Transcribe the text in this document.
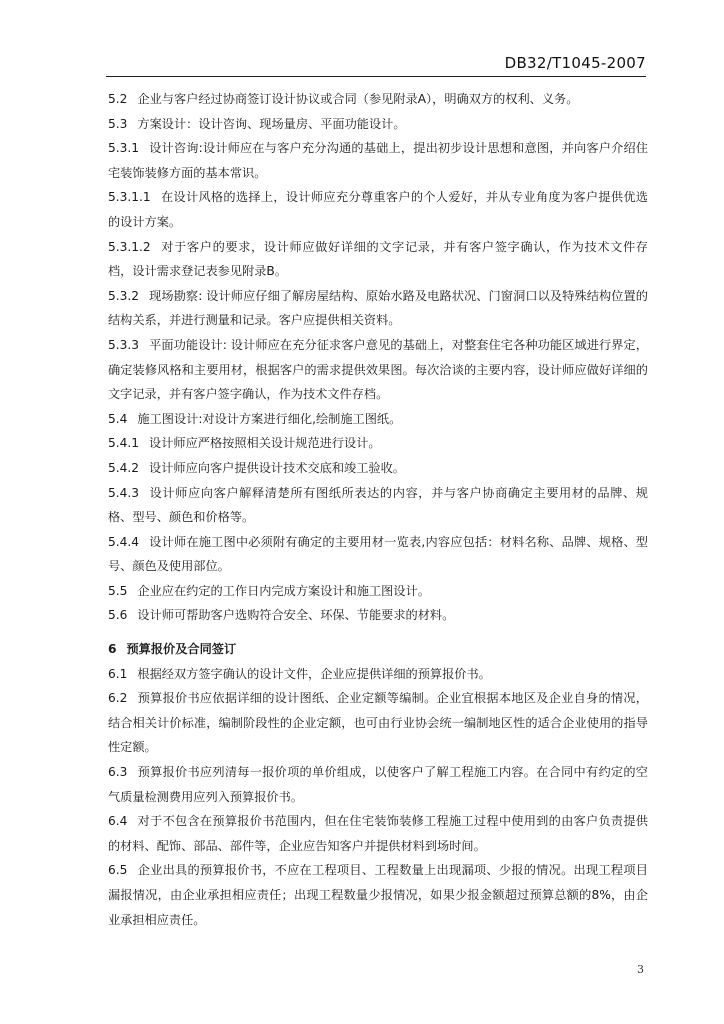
DB32/T1045-2007

5.2 企业与客户经过协商签订设计协议或合同（参见附录A），明确双方的权利、义务。

5.3 方案设计：设计咨询、现场量房、平面功能设计。

5.3.1 设计咨询:设计师应在与客户充分沟通的基础上，提出初步设计思想和意图，并向客户介绍住宅装饰装修方面的基本常识。

5.3.1.1 在设计风格的选择上，设计师应充分尊重客户的个人爱好，并从专业角度为客户提供优选的设计方案。

5.3.1.2 对于客户的要求，设计师应做好详细的文字记录，并有客户签字确认，作为技术文件存档，设计需求登记表参见附录B。

5.3.2 现场勘察: 设计师应仔细了解房屋结构、原始水路及电路状况、门窗洞口以及特殊结构位置的结构关系，并进行测量和记录。客户应提供相关资料。

5.3.3 平面功能设计: 设计师应在充分征求客户意见的基础上，对整套住宅各种功能区域进行界定，确定装修风格和主要用材，根据客户的需求提供效果图。每次洽谈的主要内容，设计师应做好详细的文字记录，并有客户签字确认，作为技术文件存档。

5.4 施工图设计:对设计方案进行细化,绘制施工图纸。

5.4.1 设计师应严格按照相关设计规范进行设计。

5.4.2 设计师应向客户提供设计技术交底和竣工验收。

5.4.3 设计师应向客户解释清楚所有图纸所表达的内容，并与客户协商确定主要用材的品牌、规格、型号、颜色和价格等。

5.4.4 设计师在施工图中必须附有确定的主要用材一览表,内容应包括：材料名称、品牌、规格、型号、颜色及使用部位。

5.5 企业应在约定的工作日内完成方案设计和施工图设计。

5.6 设计师可帮助客户选购符合安全、环保、节能要求的材料。

6 预算报价及合同签订

6.1 根据经双方签字确认的设计文件，企业应提供详细的预算报价书。

6.2 预算报价书应依据详细的设计图纸、企业定额等编制。企业宜根据本地区及企业自身的情况，结合相关计价标准，编制阶段性的企业定额，也可由行业协会统一编制地区性的适合企业使用的指导性定额。

6.3 预算报价书应列清每一报价项的单价组成，以使客户了解工程施工内容。在合同中有约定的空气质量检测费用应列入预算报价书。

6.4 对于不包含在预算报价书范围内，但在住宅装饰装修工程施工过程中使用到的由客户负责提供的材料、配饰、部品、部件等，企业应告知客户并提供材料到场时间。

6.5 企业出具的预算报价书，不应在工程项目、工程数量上出现漏项、少报的情况。出现工程项目漏报情况，由企业承担相应责任；出现工程数量少报情况，如果少报金额超过预算总额的8%，由企业承担相应责任。

3
